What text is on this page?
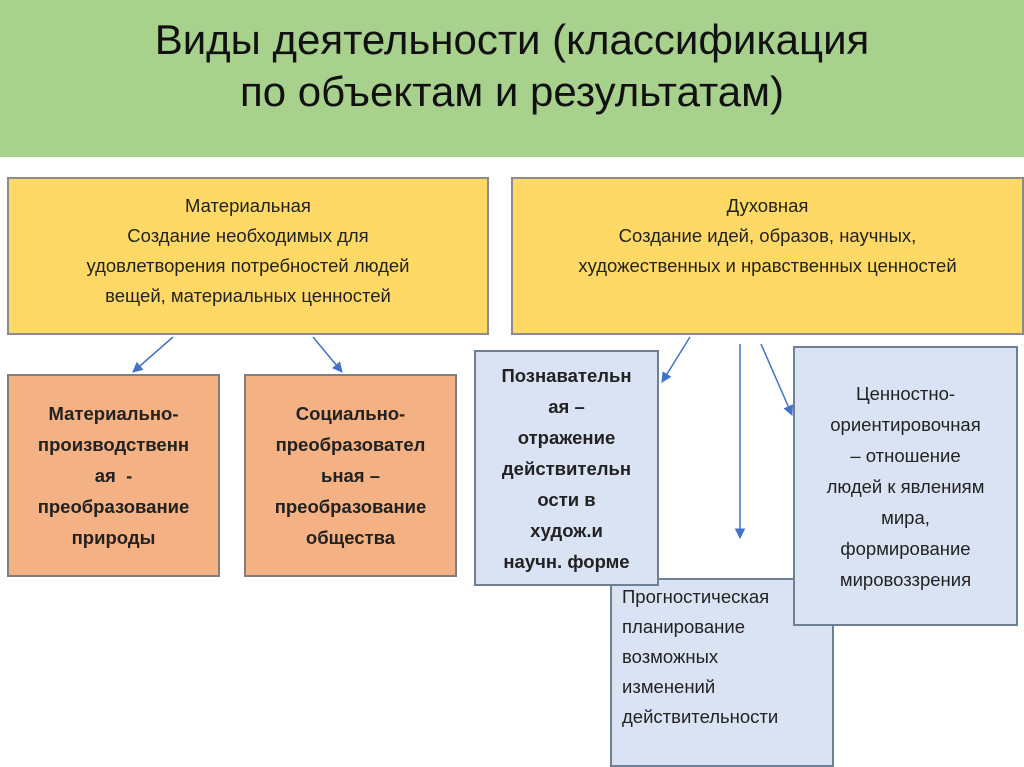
Виды деятельности (классификация
по объектам и результатам)
Материальная
Создание необходимых для
удовлетворения потребностей людей
вещей, материальных ценностей
Духовная
Создание идей, образов, научных,
художественных и нравственных ценностей
Прогностическая
планирование
возможных
изменений
действительности
Материально-
производственн
ая  -
преобразование
природы
Социально-
преобразовател
ьная –
преобразование
общества
Познавательн
ая –
отражение
действительн
ости в
худож.и
научн. форме
Ценностно-
ориентировочная
– отношение
людей к явлениям
мира,
формирование
мировоззрения
